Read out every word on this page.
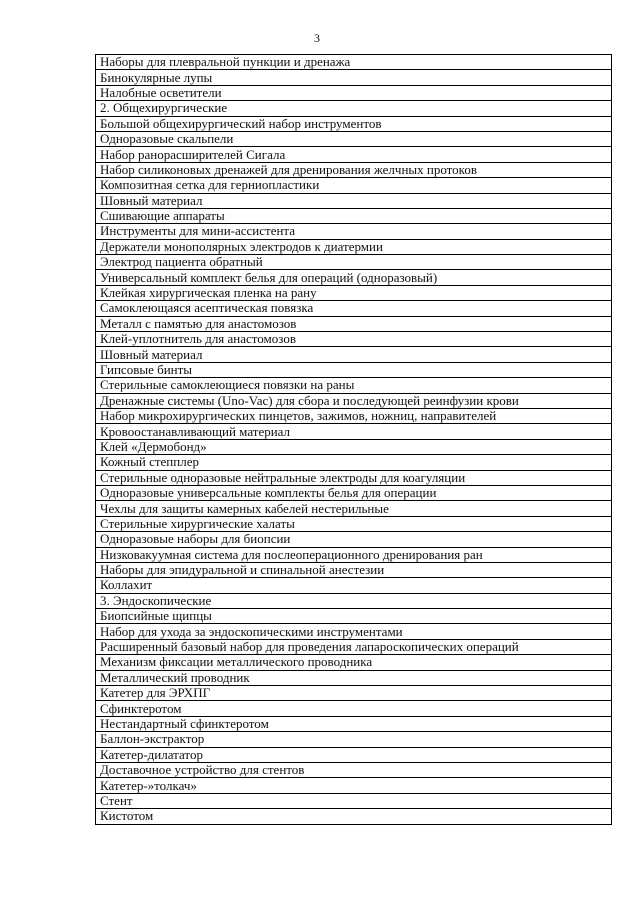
3
Наборы для плевральной пункции и дренажа
Бинокулярные лупы
Налобные осветители
2. Общехирургические
Большой общехирургический набор инструментов
Одноразовые скальпели
Набор ранорасширителей Сигала
Набор силиконовых дренажей для дренирования желчных протоков
Композитная сетка для герниопластики
Шовный материал
Сшивающие аппараты
Инструменты для мини-ассистента
Держатели монополярных электродов к диатермии
Электрод пациента обратный
Универсальный комплект белья для операций (одноразовый)
Клейкая хирургическая пленка на рану
Самоклеющаяся асептическая повязка
Металл с памятью для анастомозов
Клей-уплотнитель для анастомозов
Шовный материал
Гипсовые бинты
Стерильные самоклеющиеся повязки на раны
Дренажные системы (Uno-Vac) для сбора и последующей реинфузии крови
Набор микрохирургических пинцетов, зажимов, ножниц, направителей
Кровоостанавливающий материал
Клей «Дермобонд»
Кожный степплер
Стерильные одноразовые нейтральные электроды для коагуляции
Одноразовые универсальные комплекты белья для операции
Чехлы для защиты камерных кабелей нестерильные
Стерильные хирургические халаты
Одноразовые наборы для биопсии
Низковакуумная система для послеоперационного дренирования ран
Наборы для эпидуральной и спинальной анестезии
Коллахит
3. Эндоскопические
Биопсийные щипцы
Набор для ухода за эндоскопическими инструментами
Расширенный базовый набор для проведения лапароскопических операций
Механизм фиксации металлического проводника
Металлический проводник
Катетер для ЭРХПГ
Сфинктеротом
Нестандартный сфинктеротом
Баллон-экстрактор
Катетер-дилататор
Доставочное устройство для стентов
Катетер-»толкач»
Стент
Кистотом
